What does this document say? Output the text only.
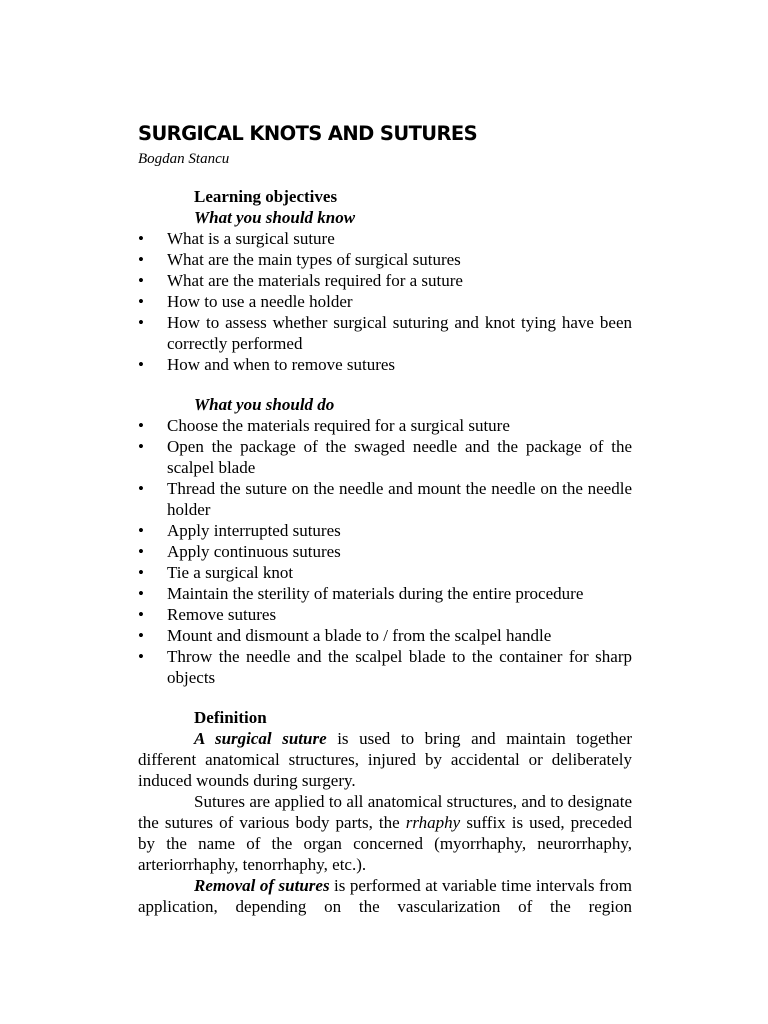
SURGICAL KNOTS AND SUTURES
Bogdan Stancu
Learning objectives
What you should know
• What is a surgical suture
• What are the main types of surgical sutures
• What are the materials required for a suture
• How to use a needle holder
• How to assess whether surgical suturing and knot tying have been correctly performed
• How and when to remove sutures
What you should do
• Choose the materials required for a surgical suture
• Open the package of the swaged needle and the package of the scalpel blade
• Thread the suture on the needle and mount the needle on the needle holder
• Apply interrupted sutures
• Apply continuous sutures
• Tie a surgical knot
• Maintain the sterility of materials during the entire procedure
• Remove sutures
• Mount and dismount a blade to / from the scalpel handle
• Throw the needle and the scalpel blade to the container for sharp objects
Definition

A surgical suture is used to bring and maintain together different anatomical structures, injured by accidental or deliberately induced wounds during surgery.

Sutures are applied to all anatomical structures, and to designate the sutures of various body parts, the rrhaphy suffix is used, preceded by the name of the organ concerned (myorrhaphy, neurorrhaphy, arteriorrhaphy, tenorrhaphy, etc.).

Removal of sutures is performed at variable time intervals from application, depending on the vascularization of the region
